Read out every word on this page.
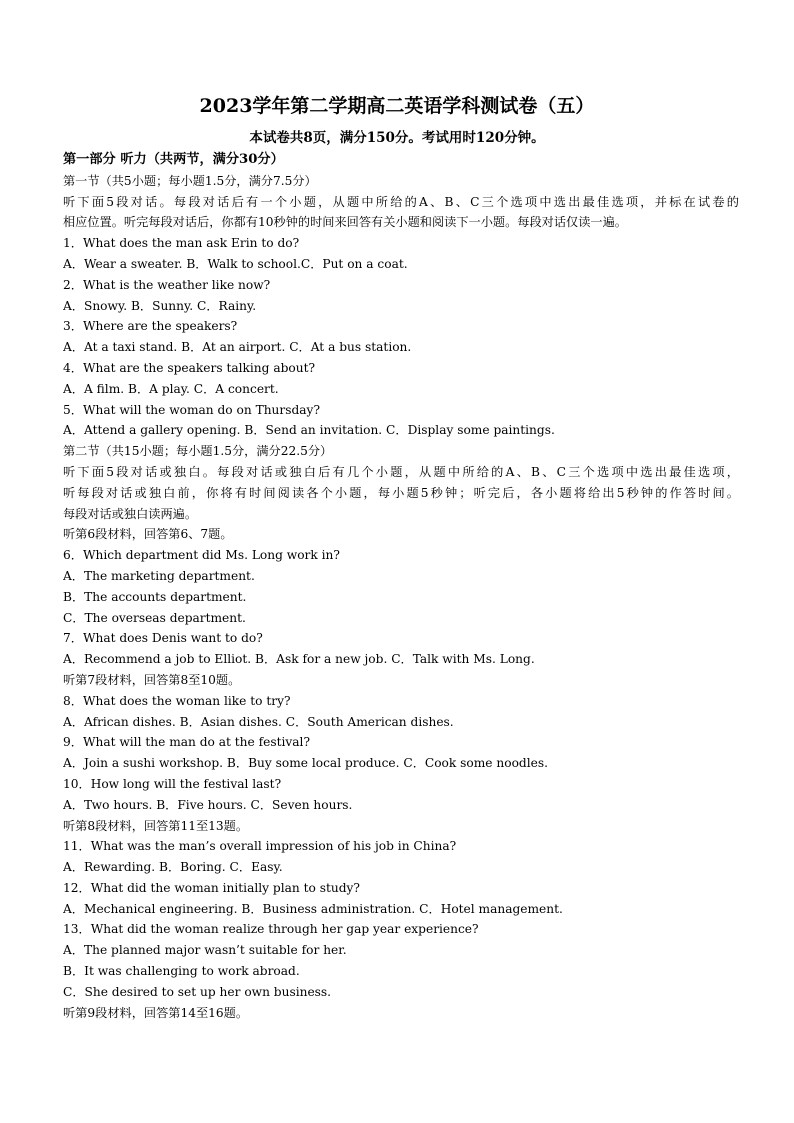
2023学年第二学期高二英语学科测试卷（五）
本试卷共8页，满分150分。考试用时120分钟。
第一部分 听力（共两节，满分30分）
第一节（共5小题；每小题1.5分，满分7.5分）
听下面5段对话。每段对话后有一个小题，从题中所给的A、B、C三个选项中选出最佳选项，并标在试卷的
相应位置。听完每段对话后，你都有10秒钟的时间来回答有关小题和阅读下一小题。每段对话仅读一遍。
1．What does the man ask Erin to do?
A．Wear a sweater. B．Walk to school.C．Put on a coat.
2．What is the weather like now?
A．Snowy. B．Sunny. C．Rainy.
3．Where are the speakers?
A．At a taxi stand. B．At an airport. C．At a bus station.
4．What are the speakers talking about?
A．A film. B．A play. C．A concert.
5．What will the woman do on Thursday?
A．Attend a gallery opening. B．Send an invitation. C．Display some paintings.
第二节（共15小题；每小题1.5分，满分22.5分）
听下面5段对话或独白。每段对话或独白后有几个小题，从题中所给的A、B、C三个选项中选出最佳选项，
听每段对话或独白前，你将有时间阅读各个小题，每小题5秒钟；听完后，各小题将给出5秒钟的作答时间。
每段对话或独白读两遍。
听第6段材料，回答第6、7题。
6．Which department did Ms. Long work in?
A．The marketing department.
B．The accounts department.
C．The overseas department.
7．What does Denis want to do?
A．Recommend a job to Elliot. B．Ask for a new job. C．Talk with Ms. Long.
听第7段材料，回答第8至10题。
8．What does the woman like to try?
A．African dishes. B．Asian dishes. C．South American dishes.
9．What will the man do at the festival?
A．Join a sushi workshop. B．Buy some local produce. C．Cook some noodles.
10．How long will the festival last?
A．Two hours. B．Five hours. C．Seven hours.
听第8段材料，回答第11至13题。
11．What was the man’s overall impression of his job in China?
A．Rewarding. B．Boring. C．Easy.
12．What did the woman initially plan to study?
A．Mechanical engineering. B．Business administration. C．Hotel management.
13．What did the woman realize through her gap year experience?
A．The planned major wasn’t suitable for her.
B．It was challenging to work abroad.
C．She desired to set up her own business.
听第9段材料，回答第14至16题。
